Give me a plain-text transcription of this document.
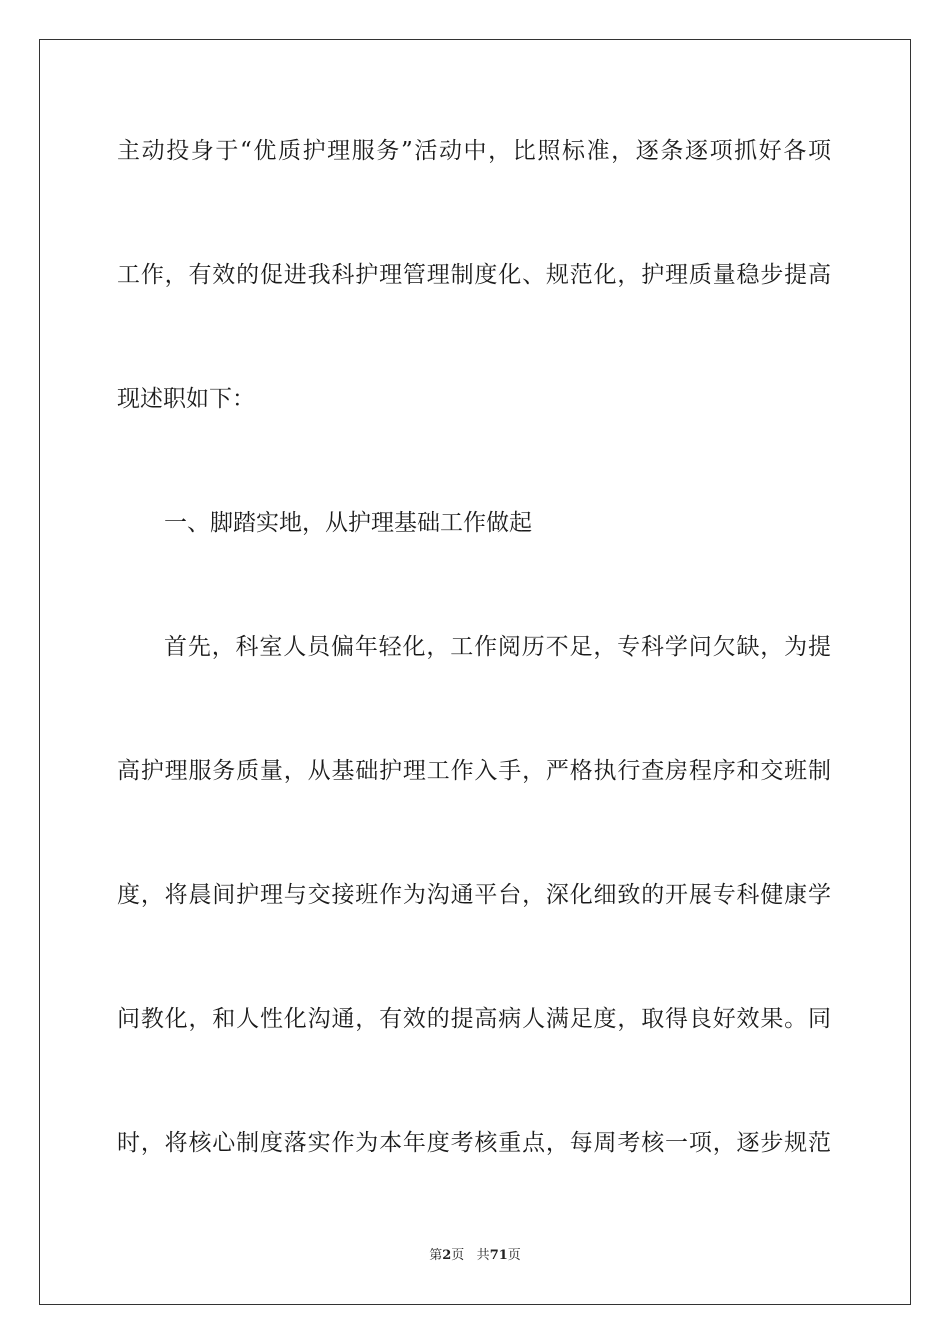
主动投身于“优质护理服务”活动中，比照标准，逐条逐项抓好各项
工作，有效的促进我科护理管理制度化、规范化，护理质量稳步提高
现述职如下：
一、脚踏实地，从护理基础工作做起
首先，科室人员偏年轻化，工作阅历不足，专科学问欠缺，为提
高护理服务质量，从基础护理工作入手，严格执行查房程序和交班制
度，将晨间护理与交接班作为沟通平台，深化细致的开展专科健康学
问教化，和人性化沟通，有效的提高病人满足度，取得良好效果。同
时，将核心制度落实作为本年度考核重点，每周考核一项，逐步规范
第2页 共71页
